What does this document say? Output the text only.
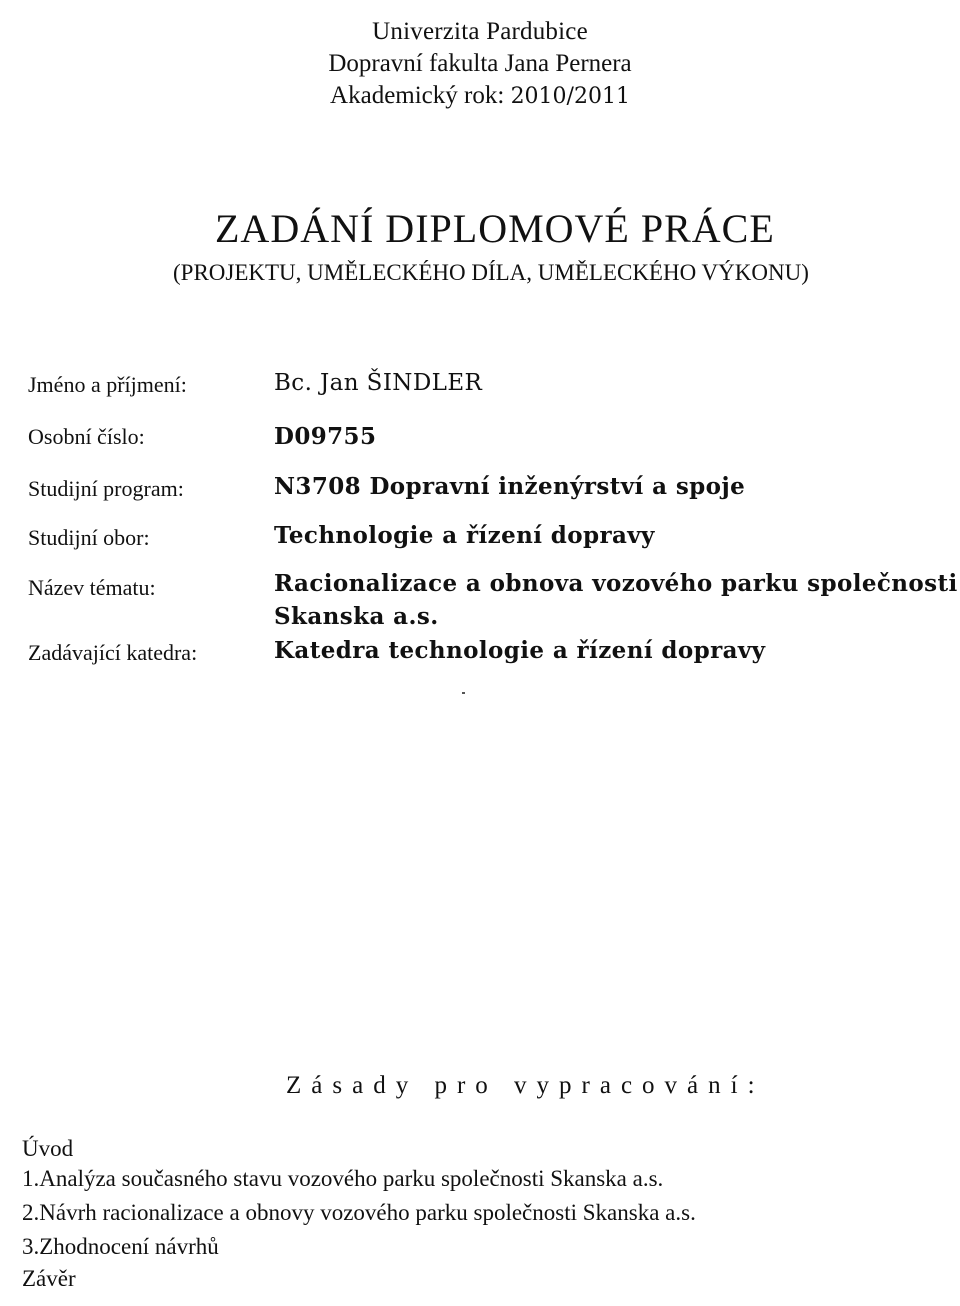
Univerzita Pardubice
Dopravní fakulta Jana Pernera
Akademický rok: 2010/2011
ZADÁNÍ DIPLOMOVÉ PRÁCE
(PROJEKTU, UMĚLECKÉHO DÍLA, UMĚLECKÉHO VÝKONU)
Jméno a příjmení:	Bc. Jan ŠINDLER
Osobní číslo:	D09755
Studijní program:	N3708 Dopravní inženýrství a spoje
Studijní obor:	Technologie a řízení dopravy
Název tématu:	Racionalizace a obnova vozového parku společnosti
Skanska a.s.
Zadávající katedra:	Katedra technologie a řízení dopravy
Zásady pro vypracování:
Úvod
1.Analýza současného stavu vozového parku společnosti Skanska a.s.
2.Návrh racionalizace a obnovy vozového parku společnosti Skanska a.s.
3.Zhodnocení návrhů
Závěr
